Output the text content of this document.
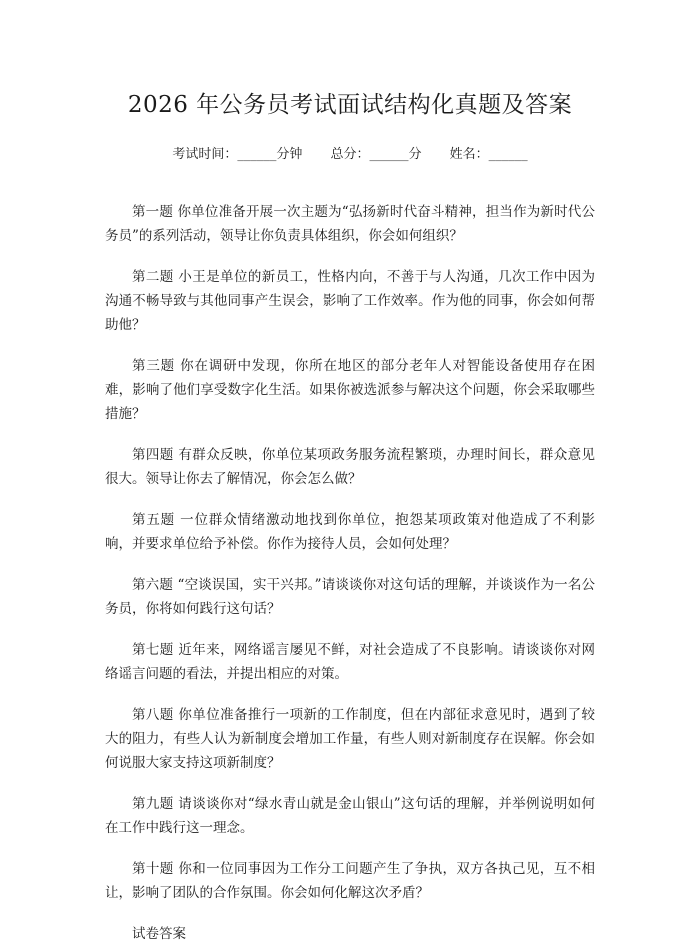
2026 年公务员考试面试结构化真题及答案
考试时间：______分钟 总分：______分 姓名：______

第一题 你单位准备开展一次主题为“弘扬新时代奋斗精神，担当作为新时代公务员”的系列活动，领导让你负责具体组织，你会如何组织？

第二题 小王是单位的新员工，性格内向，不善于与人沟通，几次工作中因为沟通不畅导致与其他同事产生误会，影响了工作效率。作为他的同事，你会如何帮助他？

第三题 你在调研中发现，你所在地区的部分老年人对智能设备使用存在困难，影响了他们享受数字化生活。如果你被选派参与解决这个问题，你会采取哪些措施？

第四题 有群众反映，你单位某项政务服务流程繁琐，办理时间长，群众意见很大。领导让你去了解情况，你会怎么做？

第五题 一位群众情绪激动地找到你单位，抱怨某项政策对他造成了不利影响，并要求单位给予补偿。你作为接待人员，会如何处理？

第六题 “空谈误国，实干兴邦。”请谈谈你对这句话的理解，并谈谈作为一名公务员，你将如何践行这句话？

第七题 近年来，网络谣言屡见不鲜，对社会造成了不良影响。请谈谈你对网络谣言问题的看法，并提出相应的对策。

第八题 你单位准备推行一项新的工作制度，但在内部征求意见时，遇到了较大的阻力，有些人认为新制度会增加工作量，有些人则对新制度存在误解。你会如何说服大家支持这项新制度？

第九题 请谈谈你对“绿水青山就是金山银山”这句话的理解，并举例说明如何在工作中践行这一理念。

第十题 你和一位同事因为工作分工问题产生了争执，双方各执己见，互不相让，影响了团队的合作氛围。你会如何化解这次矛盾？

试卷答案
